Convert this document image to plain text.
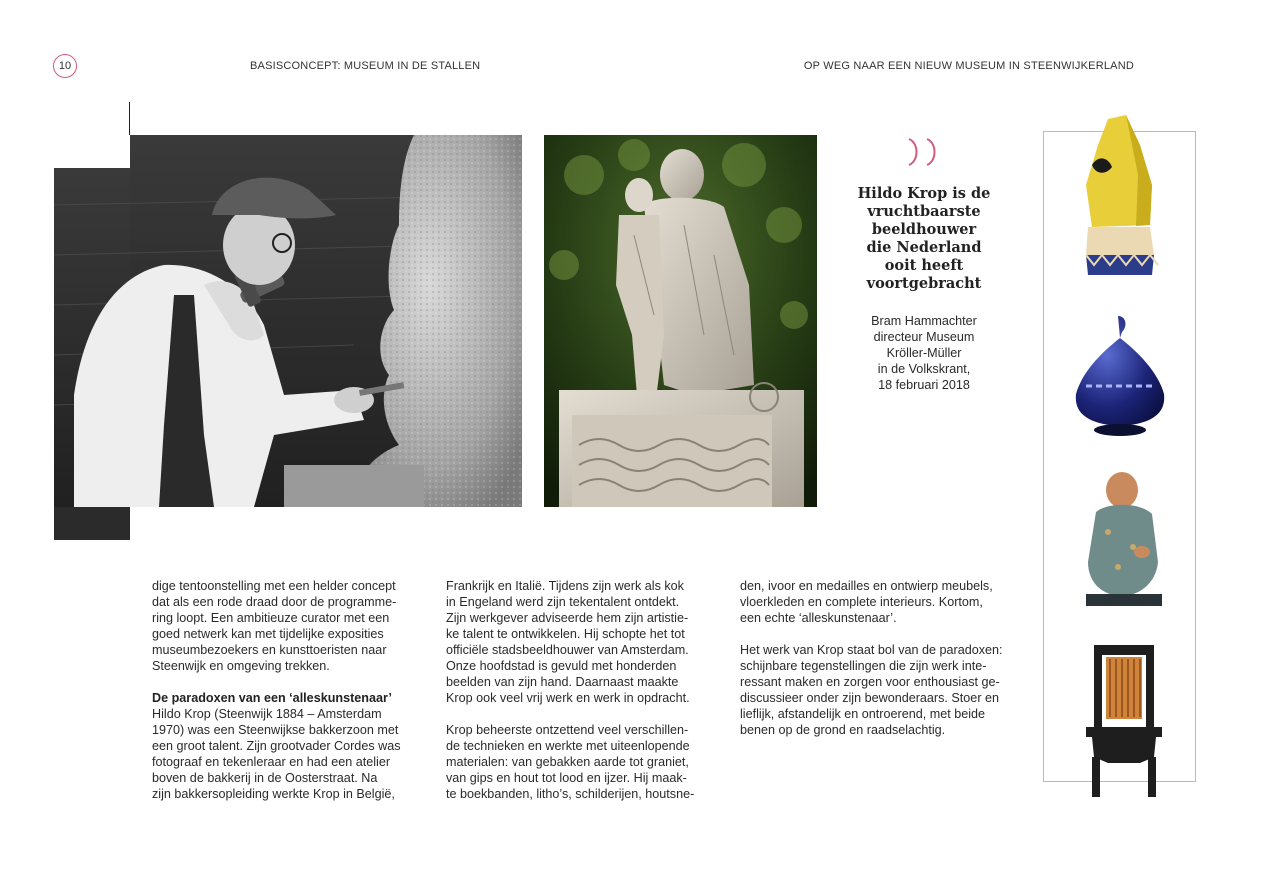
10	BASISCONCEPT: MUSEUM IN DE STALLEN	OP WEG NAAR EEN NIEUW MUSEUM IN STEENWIJKERLAND
Hildo Krop is de
vruchtbaarste
beeldhouwer
die Nederland
ooit heeft
voortgebracht
Bram Hammachter
directeur Museum
Kröller-Müller
in de Volkskrant,
18 februari 2018

dige tentoonstelling met een helder concept

dat als een rode draad door de programme-

ring loopt. Een ambitieuze curator met een

goed netwerk kan met tijdelijke exposities

museumbezoekers en kunsttoeristen naar

Steenwijk en omgeving trekken.

De paradoxen van een ‘alleskunstenaar’

Hildo Krop (Steenwijk 1884 – Amsterdam

1970) was een Steenwijkse bakkerzoon met

een groot talent. Zijn grootvader Cordes was

fotograaf en tekenleraar en had een atelier

boven de bakkerij in de Oosterstraat. Na

zijn bakkersopleiding werkte Krop in België,

Frankrijk en Italië. Tijdens zijn werk als kok

in Engeland werd zijn tekentalent ontdekt.

Zijn werkgever adviseerde hem zijn artistie-

ke talent te ontwikkelen. Hij schopte het tot

officiële stadsbeeldhouwer van Amsterdam.

Onze hoofdstad is gevuld met honderden

beelden van zijn hand. Daarnaast maakte

Krop ook veel vrij werk en werk in opdracht.

Krop beheerste ontzettend veel verschillen-

de technieken en werkte met uiteenlopende

materialen: van gebakken aarde tot graniet,

van gips en hout tot lood en ijzer. Hij maak-

te boekbanden, litho’s, schilderijen, houtsne-

den, ivoor en medailles en ontwierp meubels,

vloerkleden en complete interieurs. Kortom,

een echte ‘alleskunstenaar’.

Het werk van Krop staat bol van de paradoxen:

schijnbare tegenstellingen die zijn werk inte-

ressant maken en zorgen voor enthousiast ge-

discussieer onder zijn bewonderaars. Stoer en

lieflijk, afstandelijk en ontroerend, met beide

benen op de grond en raadselachtig.
